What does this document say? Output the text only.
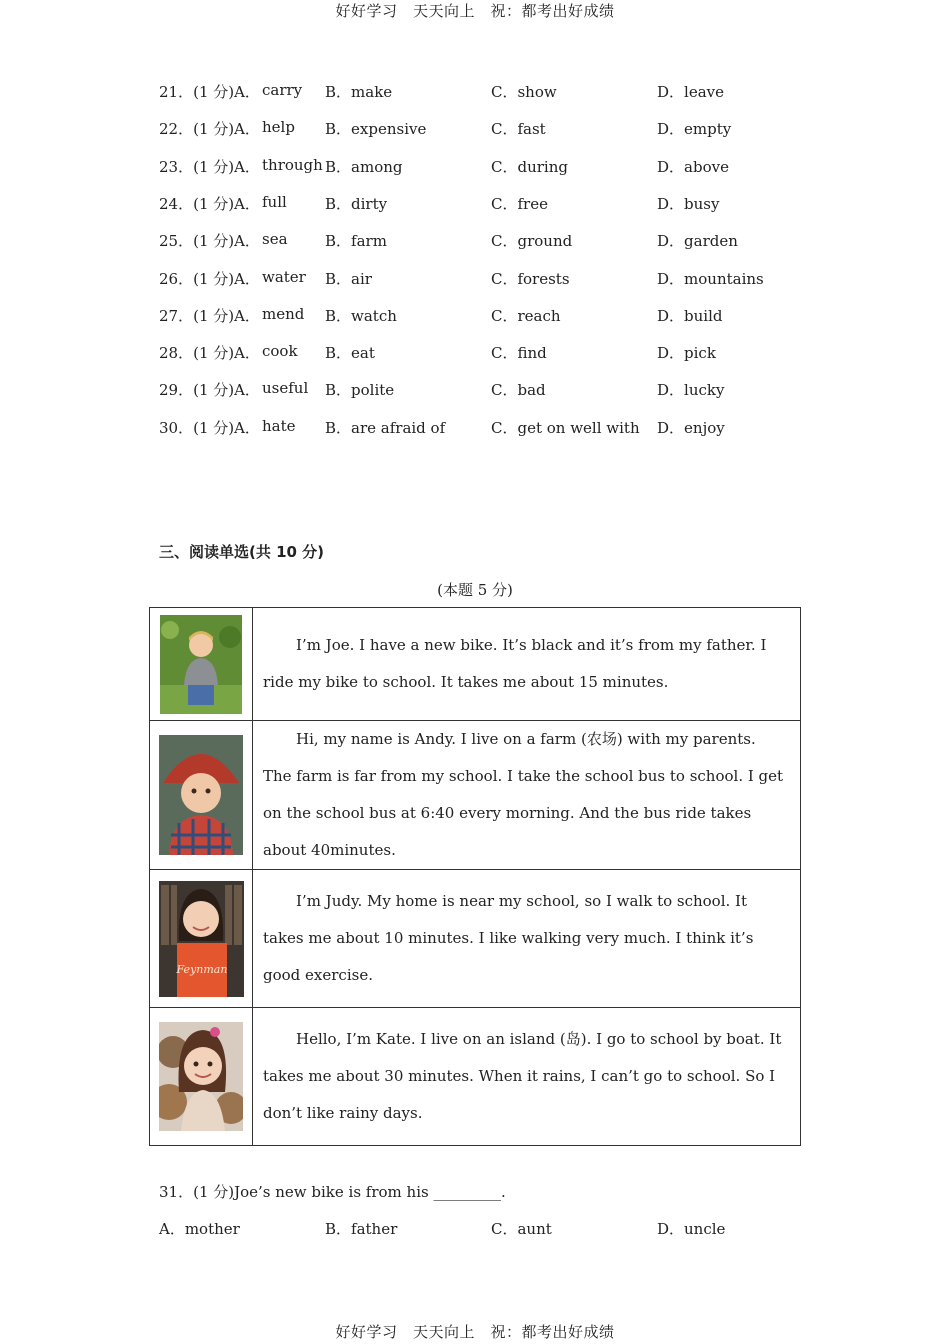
好好学习　天天向上　祝：都考出好成绩
21．(1 分)A． carry B．make	C．show	D．leave
22．(1 分)A． help B．expensive	C．fast	D．empty
23．(1 分)A． through B．among	C．during	D．above
24．(1 分)A． full	B．dirty	C．free	D．busy
25．(1 分)A． sea B．farm	C．ground	D．garden
26．(1 分)A． water B．air	C．forests	D．mountains
27．(1 分)A． mend B．watch	C．reach	D．build
28．(1 分)A． cook B．eat	C．find	D．pick
29．(1 分)A． useful B．polite	C．bad	D．lucky
30．(1 分)A． hate B．are afraid of	C．get on well with D．enjoy
三、阅读单选(共 10 分)
(本题 5 分)

I’m Joe. I have a new bike. It’s black and it’s from my father. I ride my bike to school. It takes me about 15 minutes.

Hi, my name is Andy. I live on a farm (农场) with my parents. The farm is far from my school. I take the school bus to school. I get on the school bus at 6:40 every morning. And the bus ride takes about 40minutes.

Feynman	I’m Judy. My home is near my school, so I walk to school. It takes me about 10 minutes. I like walking very much. I think it’s good exercise.

Hello, I’m Kate. I live on an island (岛). I go to school by boat. It takes me about 30 minutes. When it rains, I can’t go to school. So I don’t like rainy days.

31．(1 分)Joe’s new bike is from his _________.
A．mother	B．father	C．aunt	D．uncle
好好学习　天天向上　祝：都考出好成绩
